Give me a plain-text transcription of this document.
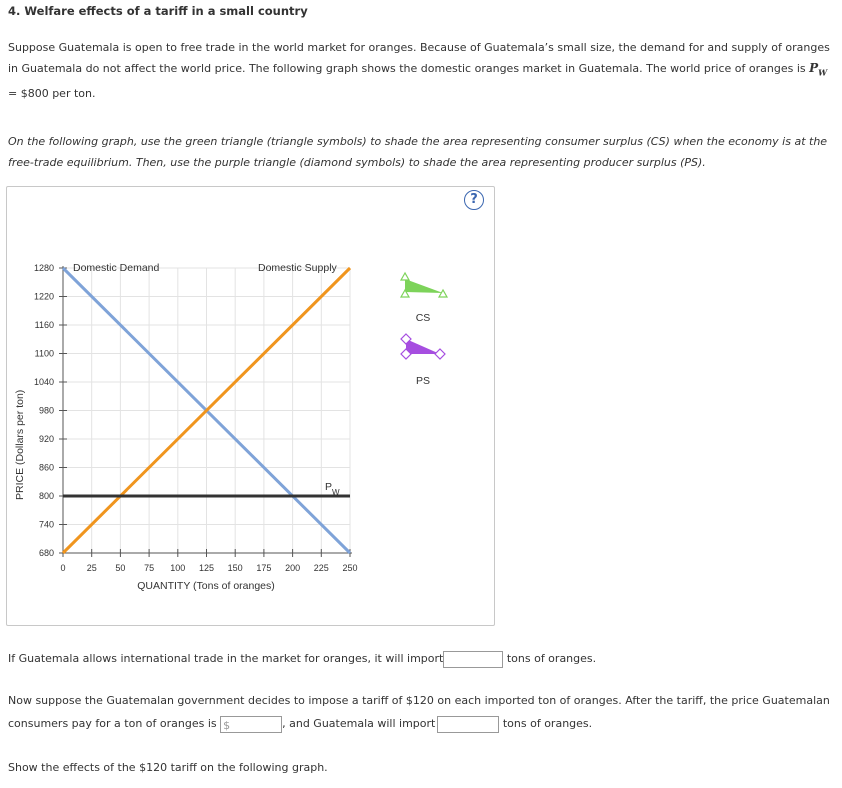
4. Welfare effects of a tariff in a small country
Suppose Guatemala is open to free trade in the world market for oranges. Because of Guatemala’s small size, the demand for and supply of oranges in Guatemala do not affect the world price. The following graph shows the domestic oranges market in Guatemala. The world price of oranges is $P_W$ = $800 per ton.
On the following graph, use the green triangle (triangle symbols) to shade the area representing consumer surplus (CS) when the economy is at the free-trade equilibrium. Then, use the purple triangle (diamond symbols) to shade the area representing producer surplus (PS).
?
0 25 50 75 100 125 150 175 200 225 250
680
740
800
860
920
980
1040
1100
1160
1220
1280 Domestic Demand	Domestic Supply
P W
PRICE (Dollars per ton)
QUANTITY (Tons of oranges)
CS
PS
If Guatemala allows international trade in the market for oranges, it will import	tons of oranges.
Now suppose the Guatemalan government decides to impose a tariff of $120 on each imported ton of oranges. After the tariff, the price Guatemalan
consumers pay for a ton of oranges is $	, and Guatemala will import	tons of oranges.
Show the effects of the $120 tariff on the following graph.
